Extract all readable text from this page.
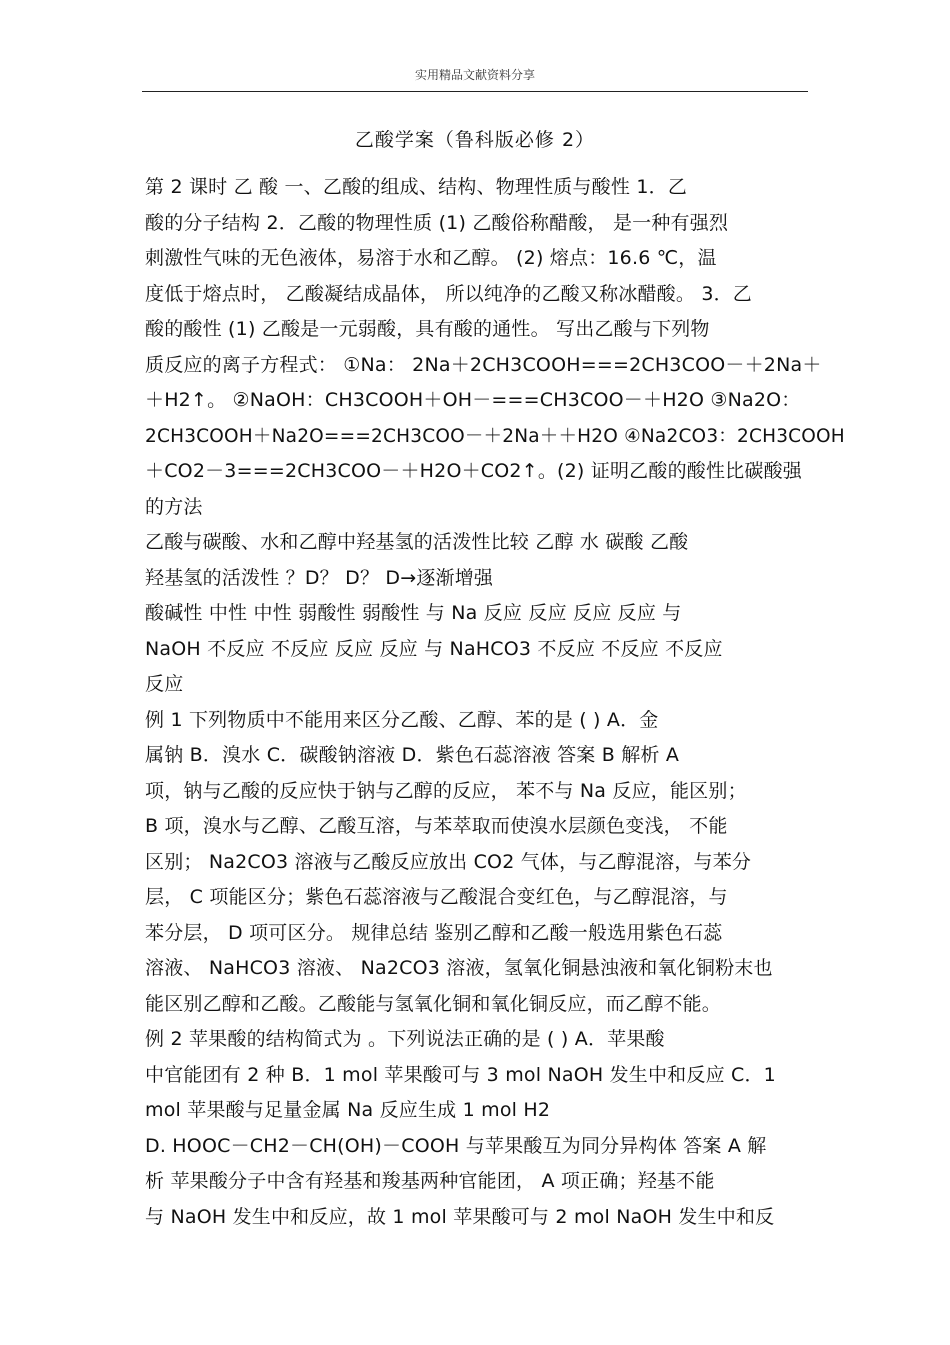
实用精品文献资料分享
乙酸学案（鲁科版必修 2）
第 2 课时 乙 酸 一、乙酸的组成、结构、物理性质与酸性 1．乙
酸的分子结构 2．乙酸的物理性质 (1) 乙酸俗称醋酸， 是一种有强烈
刺激性气味的无色液体，易溶于水和乙醇。 (2) 熔点：16.6 ℃，温
度低于熔点时， 乙酸凝结成晶体， 所以纯净的乙酸又称冰醋酸。 3．乙
酸的酸性 (1) 乙酸是一元弱酸，具有酸的通性。 写出乙酸与下列物
质反应的离子方程式： ①Na： 2Na＋2CH3COOH===2CH3COO－＋2Na＋
＋H2↑。 ②NaOH：CH3COOH＋OH－===CH3COO－＋H2O ③Na2O：
2CH3COOH＋Na2O===2CH3COO－＋2Na＋＋H2O ④Na2CO3：2CH3COOH
＋CO2－3===2CH3COO－＋H2O＋CO2↑。(2) 证明乙酸的酸性比碳酸强
的方法
乙酸与碳酸、水和乙醇中羟基氢的活泼性比较 乙醇 水 碳酸 乙酸
羟基氢的活泼性 ？D？ D？ D→逐渐增强
酸碱性 中性 中性 弱酸性 弱酸性 与 Na 反应 反应 反应 反应 与
NaOH 不反应 不反应 反应 反应 与 NaHCO3 不反应 不反应 不反应
反应
例 1 下列物质中不能用来区分乙酸、乙醇、苯的是 ( ) A．金
属钠 B．溴水 C．碳酸钠溶液 D．紫色石蕊溶液 答案 B 解析 A
项，钠与乙酸的反应快于钠与乙醇的反应， 苯不与 Na 反应，能区别；
B 项，溴水与乙醇、乙酸互溶，与苯萃取而使溴水层颜色变浅， 不能
区别； Na2CO3 溶液与乙酸反应放出 CO2 气体，与乙醇混溶，与苯分
层， C 项能区分；紫色石蕊溶液与乙酸混合变红色，与乙醇混溶，与
苯分层， D 项可区分。 规律总结 鉴别乙醇和乙酸一般选用紫色石蕊
溶液、 NaHCO3 溶液、 Na2CO3 溶液，氢氧化铜悬浊液和氧化铜粉末也
能区别乙醇和乙酸。乙酸能与氢氧化铜和氧化铜反应，而乙醇不能。
例 2 苹果酸的结构简式为 。下列说法正确的是 ( ) A．苹果酸
中官能团有 2 种 B．1 mol 苹果酸可与 3 mol NaOH 发生中和反应 C．1
mol 苹果酸与足量金属 Na 反应生成 1 mol H2
D. HOOC－CH2－CH(OH)－COOH 与苹果酸互为同分异构体 答案 A 解
析 苹果酸分子中含有羟基和羧基两种官能团， A 项正确；羟基不能
与 NaOH 发生中和反应，故 1 mol 苹果酸可与 2 mol NaOH 发生中和反
